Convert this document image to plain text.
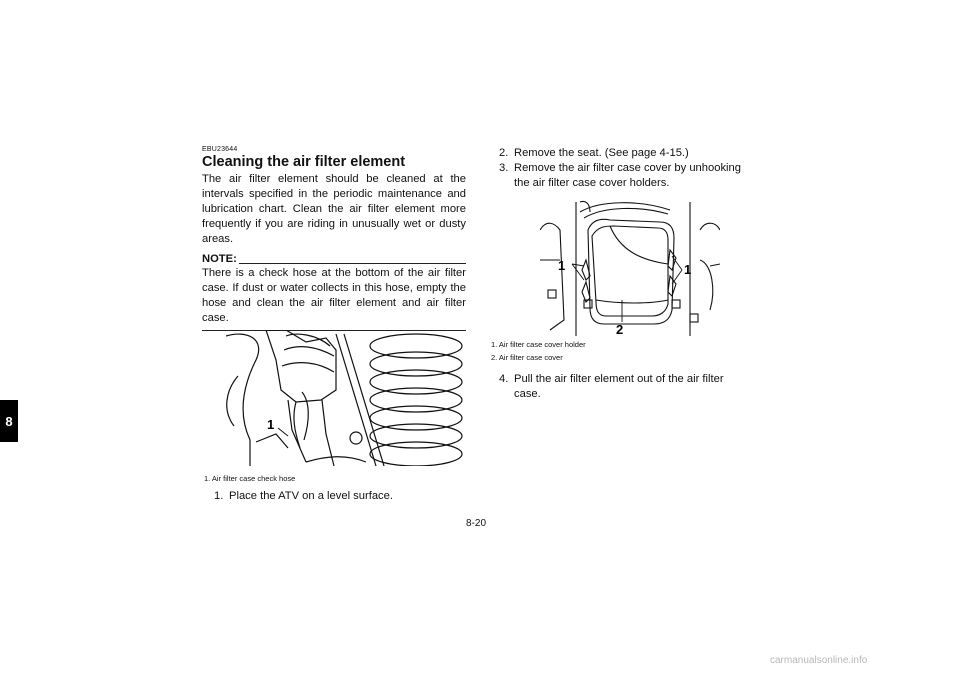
8
EBU23644
Cleaning the air filter element

The air filter element should be cleaned at the intervals specified in the periodic maintenance and lubrication chart. Clean the air filter element more frequently if you are riding in unusually wet or dusty areas.

NOTE:

There is a check hose at the bottom of the air filter case. If dust or water collects in this hose, empty the hose and clean the air filter element and air filter case.

1
1. Air filter case check hose
1. Place the ATV on a level surface.
2. Remove the seat. (See page 4-15.)
3. Remove the air filter case cover by unhooking
the air filter case cover holders.
1	1
2
1. Air filter case cover holder
2. Air filter case cover
4. Pull the air filter element out of the air filter
case.
8-20
carmanualsonline.info
